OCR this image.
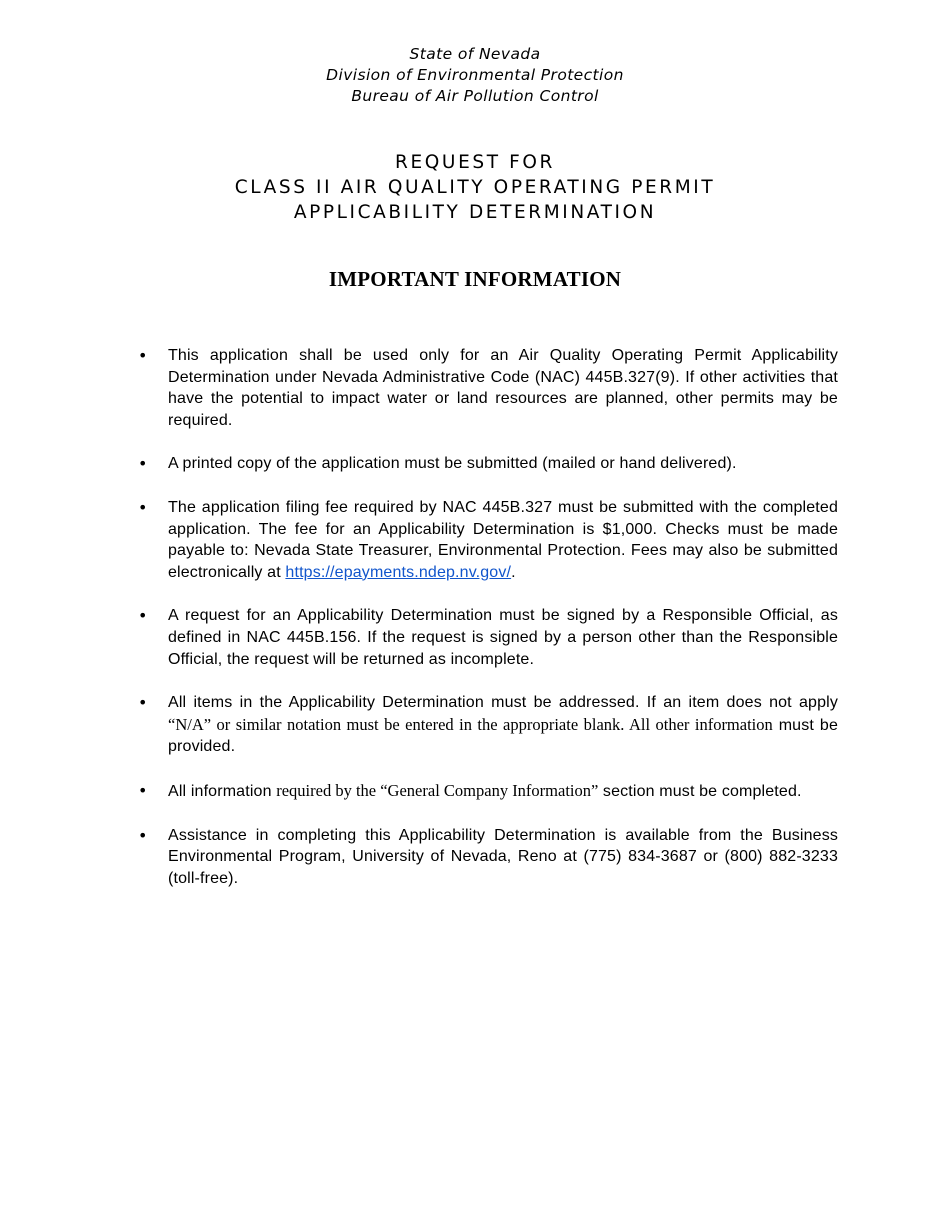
State of Nevada
Division of Environmental Protection
Bureau of Air Pollution Control
REQUEST FOR
CLASS II AIR QUALITY OPERATING PERMIT
APPLICABILITY DETERMINATION
IMPORTANT INFORMATION
• This application shall be used only for an Air Quality Operating Permit Applicability Determination under Nevada Administrative Code (NAC) 445B.327(9). If other activities that have the potential to impact water or land resources are planned, other permits may be required.
• A printed copy of the application must be submitted (mailed or hand delivered).
• The application filing fee required by NAC 445B.327 must be submitted with the completed application. The fee for an Applicability Determination is $1,000. Checks must be made payable to: Nevada State Treasurer, Environmental Protection. Fees may also be submitted electronically at https://epayments.ndep.nv.gov/.
• A request for an Applicability Determination must be signed by a Responsible Official, as defined in NAC 445B.156. If the request is signed by a person other than the Responsible Official, the request will be returned as incomplete.
• All items in the Applicability Determination must be addressed. If an item does not apply “N/A” or similar notation must be entered in the appropriate blank. All other information must be provided.
• All information required by the “General Company Information” section must be completed.
• Assistance in completing this Applicability Determination is available from the Business Environmental Program, University of Nevada, Reno at (775) 834-3687 or (800) 882-3233 (toll-free).
